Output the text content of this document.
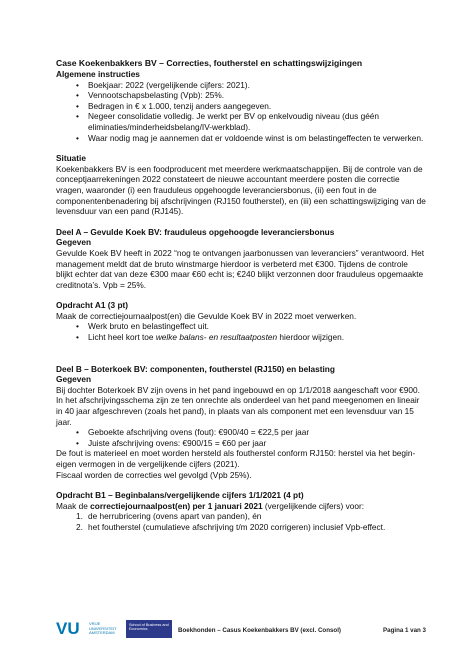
Case Koekenbakkers BV – Correcties, foutherstel en schattingswijzigingen

Algemene instructies

• Boekjaar: 2022 (vergelijkende cijfers: 2021).
• Vennootschapsbelasting (Vpb): 25%.
• Bedragen in € x 1.000, tenzij anders aangegeven.
• Negeer consolidatie volledig. Je werkt per BV op enkelvoudig niveau (dus géén eliminaties/minderheidsbelang/IV-werkblad).
• Waar nodig mag je aannemen dat er voldoende winst is om belastingeffecten te verwerken.

Situatie

Koekenbakkers BV is een foodproducent met meerdere werkmaatschappijen. Bij de controle van de conceptjaarrekeningen 2022 constateert de nieuwe accountant meerdere posten die correctie vragen, waaronder (i) een frauduleus opgehoogde leveranciersbonus, (ii) een fout in de componentenbenadering bij afschrijvingen (RJ150 foutherstel), en (iii) een schattingswijziging van de levensduur van een pand (RJ145).

Deel A – Gevulde Koek BV: frauduleus opgehoogde leveranciersbonus

Gegeven

Gevulde Koek BV heeft in 2022 “nog te ontvangen jaarbonussen van leveranciers” verantwoord. Het management meldt dat de bruto winstmarge hierdoor is verbeterd met €300. Tijdens de controle blijkt echter dat van deze €300 maar €60 echt is; €240 blijkt verzonnen door frauduleus opgemaakte creditnota’s. Vpb = 25%.

Opdracht A1 (3 pt)

Maak de correctiejournaalpost(en) die Gevulde Koek BV in 2022 moet verwerken.

• Werk bruto en belastingeffect uit.
• Licht heel kort toe welke balans- en resultaatposten hierdoor wijzigen.

Deel B – Boterkoek BV: componenten, foutherstel (RJ150) en belasting

Gegeven

Bij dochter Boterkoek BV zijn ovens in het pand ingebouwd en op 1/1/2018 aangeschaft voor €900. In het afschrijvingsschema zijn ze ten onrechte als onderdeel van het pand meegenomen en lineair in 40 jaar afgeschreven (zoals het pand), in plaats van als component met een levensduur van 15 jaar.

• Geboekte afschrijving ovens (fout): €900/40 = €22,5 per jaar
• Juiste afschrijving ovens: €900/15 = €60 per jaar

De fout is materieel en moet worden hersteld als foutherstel conform RJ150: herstel via het begin-eigen vermogen in de vergelijkende cijfers (2021).

Fiscaal worden de correcties wel gevolgd (Vpb 25%).

Opdracht B1 – Beginbalans/vergelijkende cijfers 1/1/2021 (4 pt)

Maak de correctiejournaalpost(en) per 1 januari 2021 (vergelijkende cijfers) voor:

1. de herrubricering (ovens apart van panden), én
2. het foutherstel (cumulatieve afschrijving t/m 2020 corrigeren) inclusief Vpb-effect.
VU VRIJE UNIVERSITEIT AMSTERDAM
School of Business and Economics	Boekhonden – Casus Koekenbakkers BV (excl. Consol)	Pagina 1 van 3
